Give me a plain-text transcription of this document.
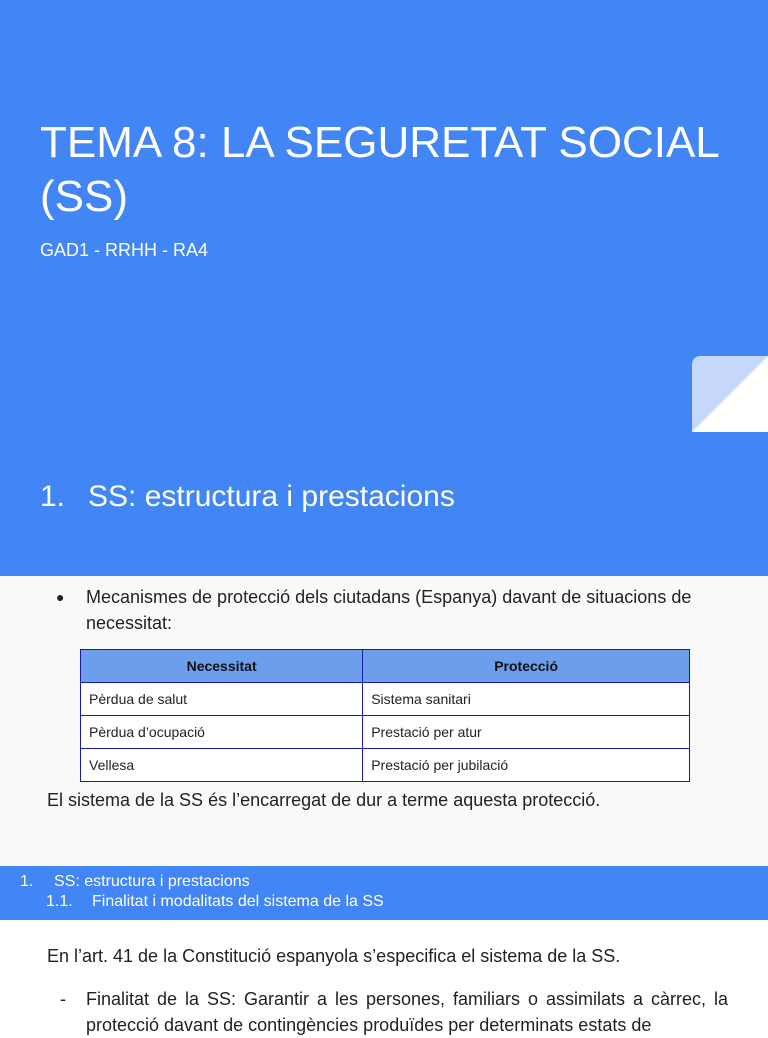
TEMA 8: LA SEGURETAT SOCIAL (SS)
GAD1 - RRHH - RA4
1. SS: estructura i prestacions
●	Mecanismes de protecció dels ciutadans (Espanya) davant de situacions de necessitat:
Necessitat	Protecció
Pèrdua de salut	Sistema sanitari
Pèrdua d’ocupació	Prestació per atur
Vellesa	Prestació per jubilació
El sistema de la SS és l’encarregat de dur a terme aquesta protecció.
1. SS: estructura i prestacions
1.1. Finalitat i modalitats del sistema de la SS
En l’art. 41 de la Constitució espanyola s’especifica el sistema de la SS.
-	Finalitat de la SS: Garantir a les persones, familiars o assimilats a càrrec, la protecció davant de contingències produïdes per determinats estats de
